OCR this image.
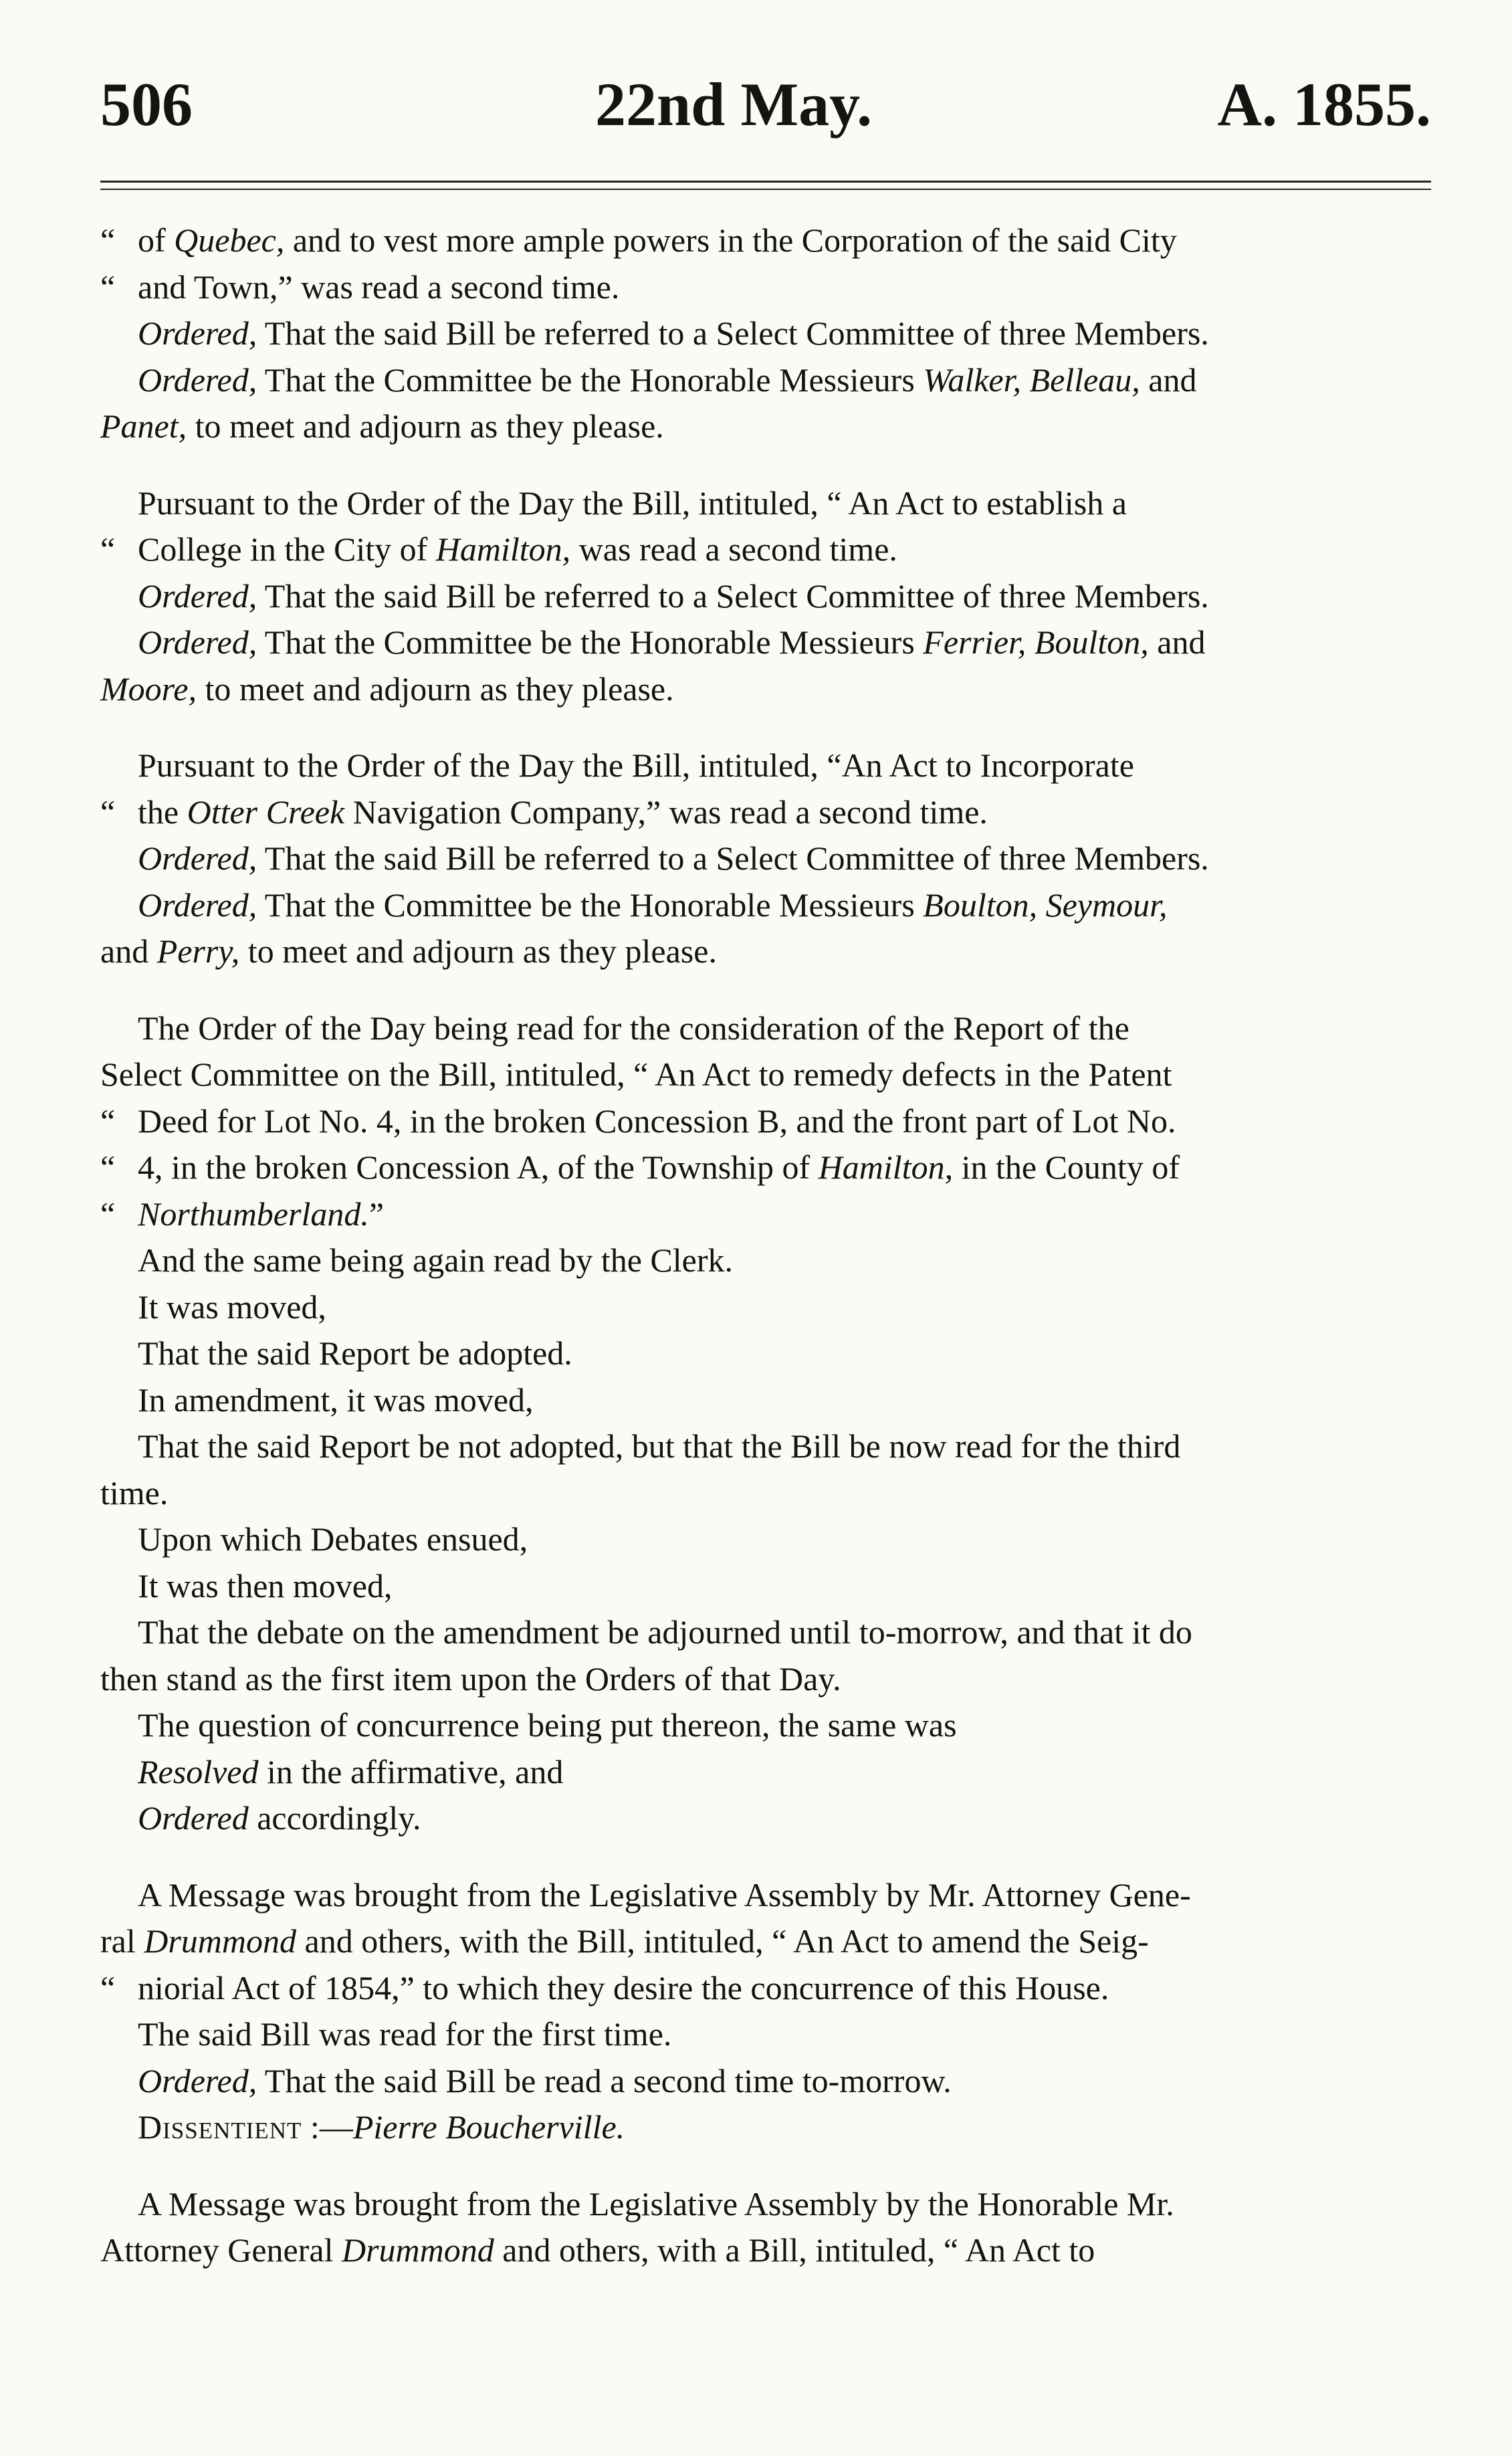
506	22nd May.	A. 1855.

“ of Quebec, and to vest more ample powers in the Corporation of the said City

“ and Town,” was read a second time.

Ordered, That the said Bill be referred to a Select Committee of three Members.

Ordered, That the Committee be the Honorable Messieurs Walker, Belleau, and

Panet, to meet and adjourn as they please.

Pursuant to the Order of the Day the Bill, intituled, “ An Act to establish a

“ College in the City of Hamilton, was read a second time.

Ordered, That the said Bill be referred to a Select Committee of three Members.

Ordered, That the Committee be the Honorable Messieurs Ferrier, Boulton, and

Moore, to meet and adjourn as they please.

Pursuant to the Order of the Day the Bill, intituled, “An Act to Incorporate

“ the Otter Creek Navigation Company,” was read a second time.

Ordered, That the said Bill be referred to a Select Committee of three Members.

Ordered, That the Committee be the Honorable Messieurs Boulton, Seymour,

and Perry, to meet and adjourn as they please.

The Order of the Day being read for the consideration of the Report of the

Select Committee on the Bill, intituled, “ An Act to remedy defects in the Patent

“ Deed for Lot No. 4, in the broken Concession B, and the front part of Lot No.

“ 4, in the broken Concession A, of the Township of Hamilton, in the County of

“ Northumberland.”

And the same being again read by the Clerk.

It was moved,

That the said Report be adopted.

In amendment, it was moved,

That the said Report be not adopted, but that the Bill be now read for the third

time.

Upon which Debates ensued,

It was then moved,

That the debate on the amendment be adjourned until to-morrow, and that it do

then stand as the first item upon the Orders of that Day.

The question of concurrence being put thereon, the same was

Resolved in the affirmative, and

Ordered accordingly.

A Message was brought from the Legislative Assembly by Mr. Attorney Gene-

ral Drummond and others, with the Bill, intituled, “ An Act to amend the Seig-

“ niorial Act of 1854,” to which they desire the concurrence of this House.

The said Bill was read for the first time.

Ordered, That the said Bill be read a second time to-morrow.

Dissentient :—Pierre Boucherville.

A Message was brought from the Legislative Assembly by the Honorable Mr.

Attorney General Drummond and others, with a Bill, intituled, “ An Act to
